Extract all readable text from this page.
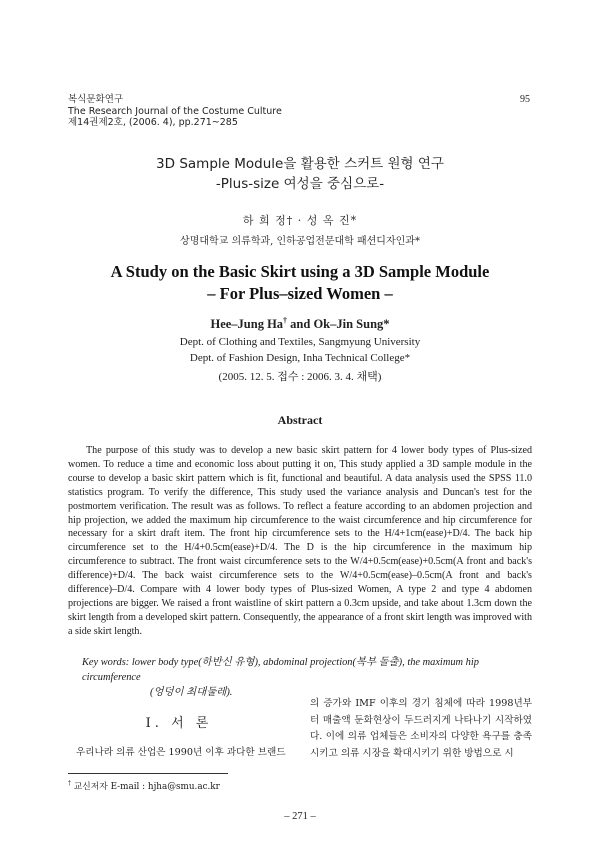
복식문화연구
The Research Journal of the Costume Culture
제14권제2호, (2006. 4), pp.271~285
95
3D Sample Module을 활용한 스커트 원형 연구
-Plus-size 여성을 중심으로-
하 희 정† · 성 옥 진*
상명대학교 의류학과, 인하공업전문대학 패션디자인과*
A Study on the Basic Skirt using a 3D Sample Module
– For Plus–sized Women –
Hee–Jung Ha† and Ok–Jin Sung*
Dept. of Clothing and Textiles, Sangmyung University
Dept. of Fashion Design, Inha Technical College*
(2005. 12. 5. 접수 : 2006. 3. 4. 채택)
Abstract
The purpose of this study was to develop a new basic skirt pattern for 4 lower body types of Plus-sized women. To reduce a time and economic loss about putting it on, This study applied a 3D sample module in the course to develop a basic skirt pattern which is fit, functional and beautiful. A data analysis used the SPSS 11.0 statistics program. To verify the difference, This study used the variance analysis and Duncan's test for the postmortem verification. The result was as follows. To reflect a feature according to an abdomen projection and hip projection, we added the maximum hip circumference to the waist circumference and hip circumference for necessary for a skirt draft item. The front hip circumference sets to the H/4+1cm(ease)+D/4. The back hip circumference set to the H/4+0.5cm(ease)+D/4. The D is the hip circumference in the maximum hip circumference to subtract. The front waist circumference sets to the W/4+0.5cm(ease)+0.5cm(A front and back's difference)+D/4. The back waist circumference sets to the W/4+0.5cm(ease)–0.5cm(A front and back's difference)–D/4. Compare with 4 lower body types of Plus-sized Women, A type 2 and type 4 abdomen projections are bigger. We raised a front waistline of skirt pattern a 0.3cm upside, and take about 1.3cm down the skirt length from a developed skirt pattern. Consequently, the appearance of a front skirt length was improved with a side skirt length.
Key words: lower body type(하반신 유형), abdominal projection(복부 돌출), the maximum hip circumference
(엉덩이 최대둘레).
Ⅰ. 서 론
우리나라 의류 산업은 1990년 이후 과다한 브랜드
의 증가와 IMF 이후의 경기 침체에 따라 1998년부터 매출액 둔화현상이 두드러지게 나타나기 시작하였다. 이에 의류 업체들은 소비자의 다양한 욕구를 충족시키고 의류 시장을 확대시키기 위한 방법으로 시
† 교신저자 E-mail : hjha@smu.ac.kr
– 271 –
